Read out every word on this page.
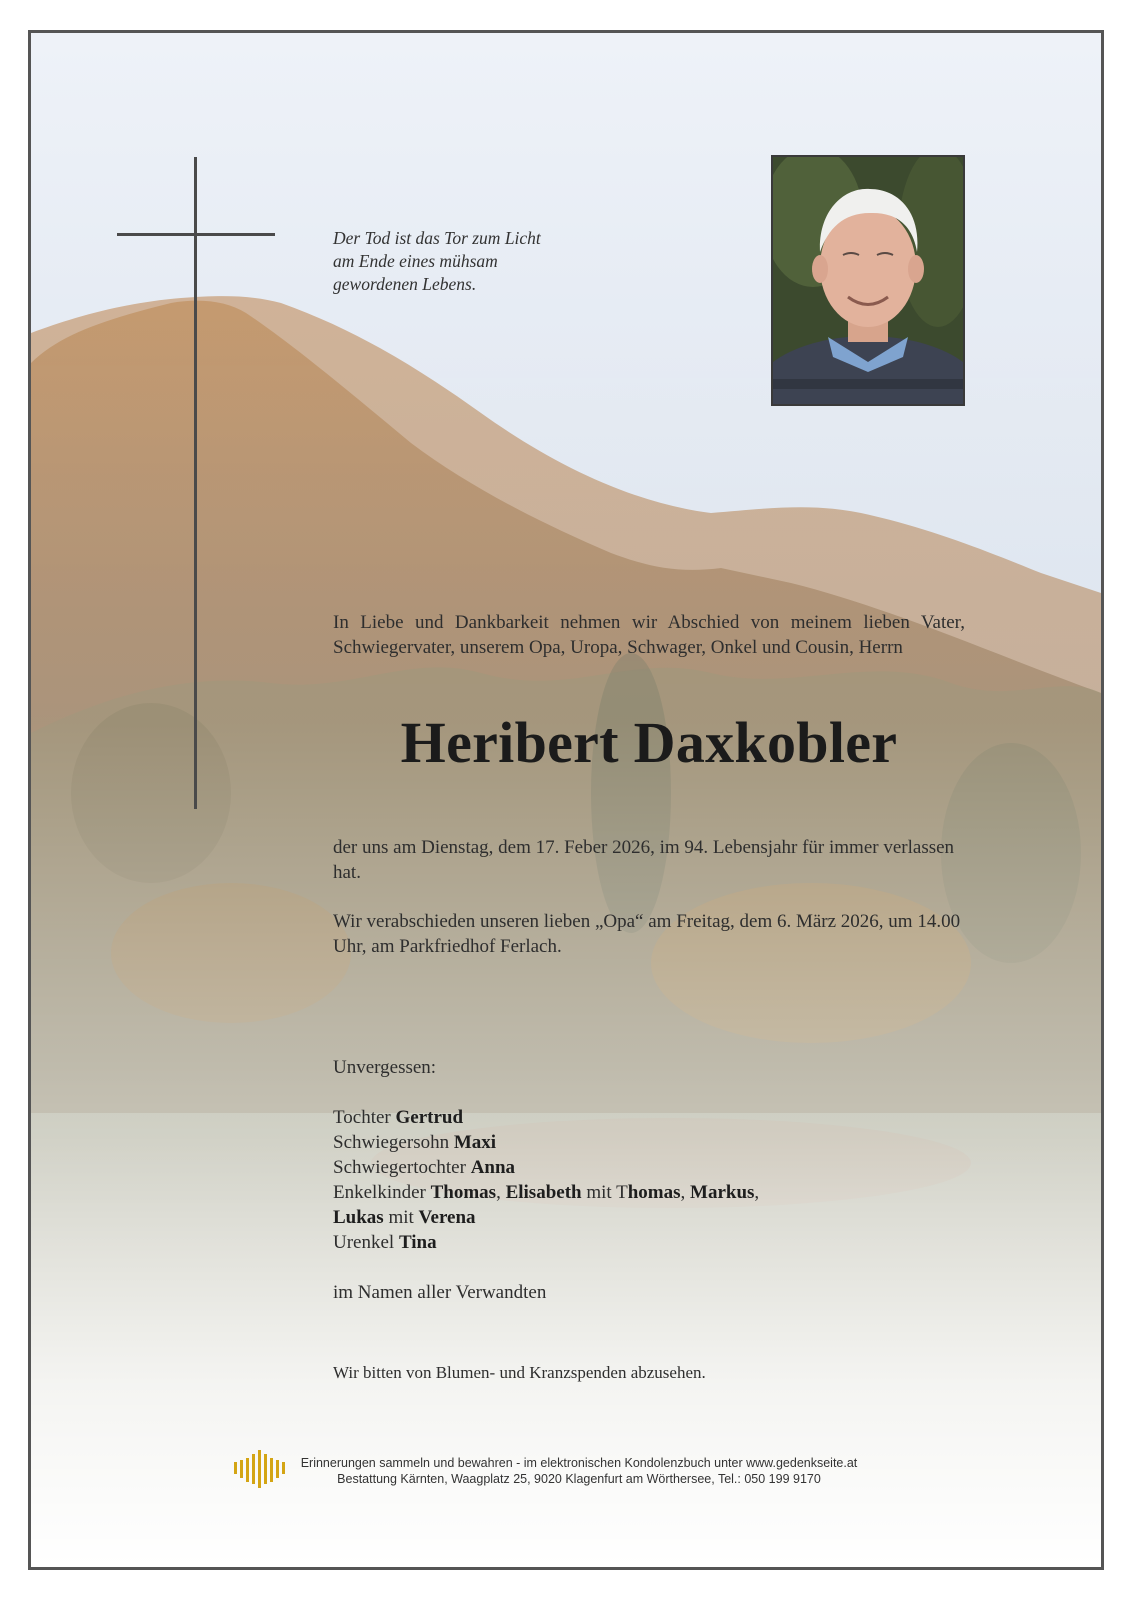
Der Tod ist das Tor zum Licht
am Ende eines mühsam
gewordenen Lebens.
In Liebe und Dankbarkeit nehmen wir Abschied von meinem lieben Vater, Schwiegervater, unserem Opa, Uropa, Schwager, Onkel und Cousin, Herrn
Heribert Daxkobler
der uns am Dienstag, dem 17. Feber 2026, im 94. Lebensjahr für immer verlassen hat.
Wir verabschieden unseren lieben „Opa“ am Freitag, dem 6. März 2026, um 14.00 Uhr, am Parkfriedhof Ferlach.
Unvergessen:
Tochter Gertrud
Schwiegersohn Maxi
Schwiegertochter Anna
Enkelkinder Thomas, Elisabeth mit Thomas, Markus,
Lukas mit Verena
Urenkel Tina
im Namen aller Verwandten
Wir bitten von Blumen- und Kranzspenden abzusehen.
Erinnerungen sammeln und bewahren - im elektronischen Kondolenzbuch unter www.gedenkseite.at
Bestattung Kärnten, Waagplatz 25, 9020 Klagenfurt am Wörthersee, Tel.: 050 199 9170
